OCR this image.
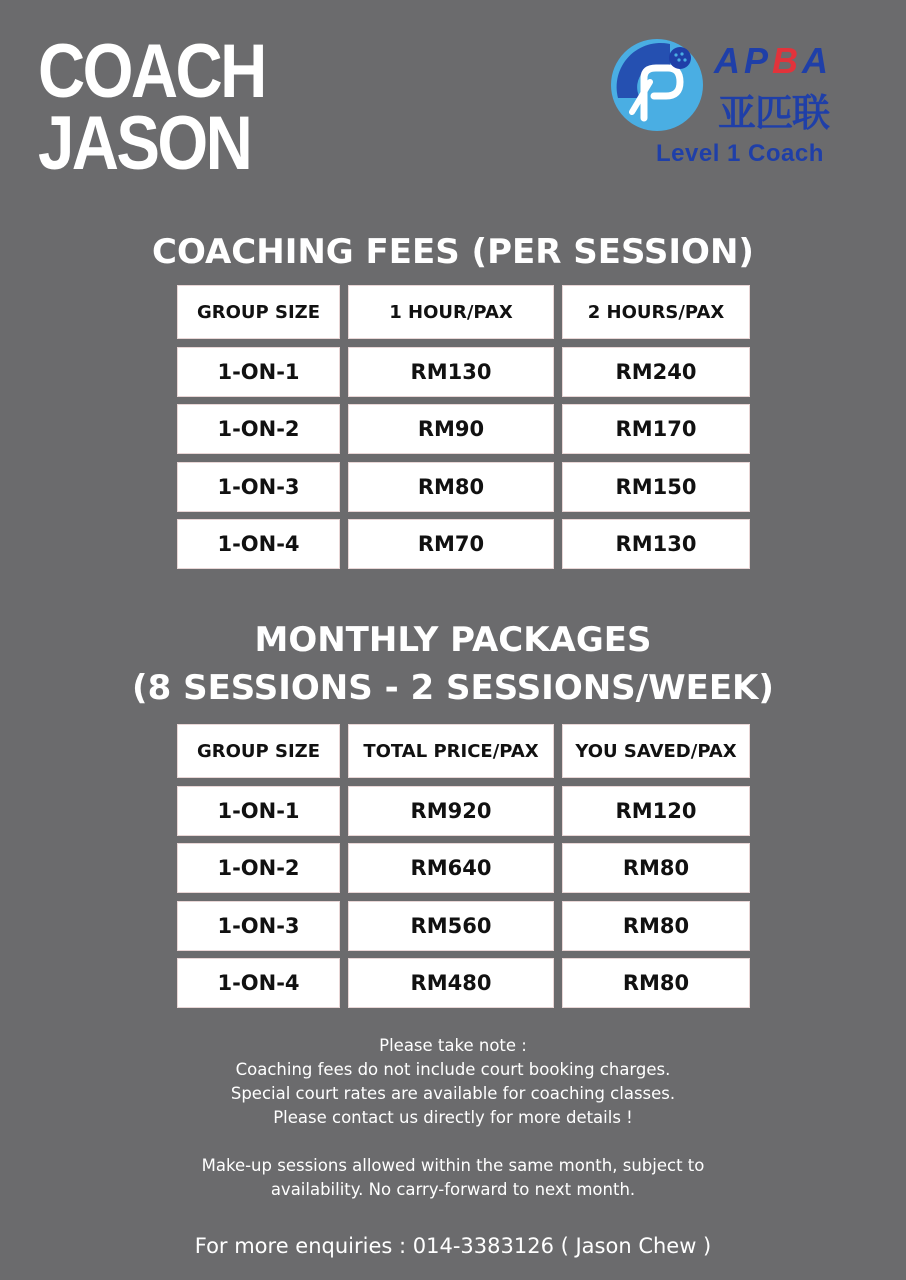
COACH
JASON
APBA
亚匹联
Level 1 Coach
COACHING FEES (PER SESSION)
GROUP SIZE	1 HOUR/PAX	2 HOURS/PAX
1-ON-1	RM130	RM240
1-ON-2	RM90	RM170
1-ON-3	RM80	RM150
1-ON-4	RM70	RM130
MONTHLY PACKAGES
(8 SESSIONS - 2 SESSIONS/WEEK)
GROUP SIZE	TOTAL PRICE/PAX	YOU SAVED/PAX
1-ON-1	RM920	RM120
1-ON-2	RM640	RM80
1-ON-3	RM560	RM80
1-ON-4	RM480	RM80
Please take note :
Coaching fees do not include court booking charges.
Special court rates are available for coaching classes.
Please contact us directly for more details !
Make-up sessions allowed within the same month, subject to
availability. No carry-forward to next month.
For more enquiries : 014-3383126 ( Jason Chew )
